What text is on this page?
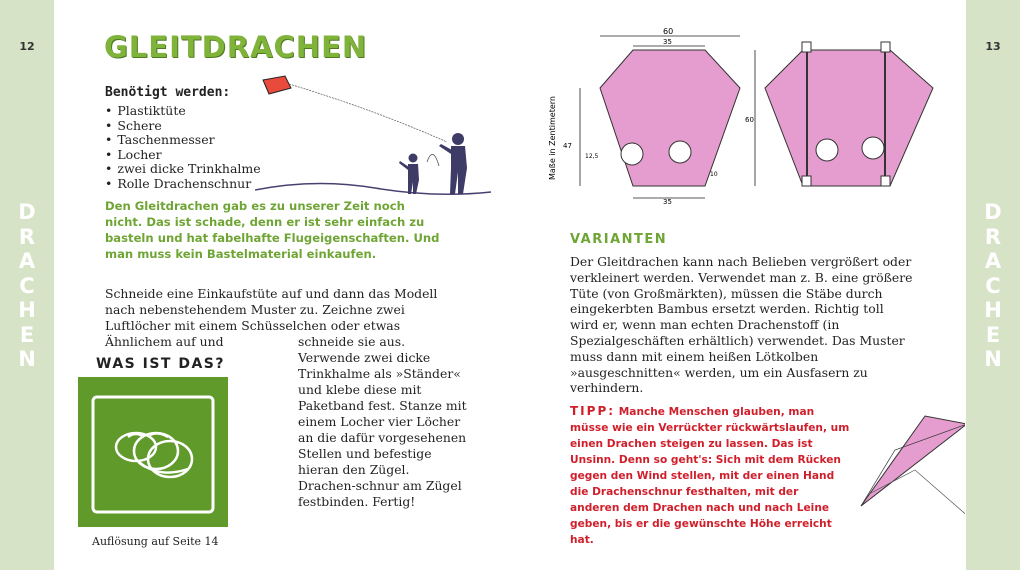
12
D
R
A
C
H
E
N
13
D
R
A
C
H
E
N
GLEITDRACHEN
Benötigt werden:
• Plastiktüte
• Schere
• Taschenmesser
• Locher
• zwei dicke Trinkhalme
• Rolle Drachenschnur

Den Gleitdrachen gab es zu unserer Zeit noch nicht. Das ist schade, denn er ist sehr einfach zu basteln und hat fabelhafte Flugeigenschaften. Und man muss kein Bastelmaterial einkaufen.

Schneide eine Einkaufstüte auf und dann das Modell nach nebenstehendem Muster zu. Zeichne zwei Luftlöcher mit einem Schüsselchen oder etwas Ähnlichem auf und	schneide sie aus. Verwende zwei dicke Trinkhalme als »Ständer« und klebe diese mit Paketband fest. Stanze mit einem Locher vier Löcher an die dafür vorgesehenen Stellen und befestige hieran den Zügel. Drachen-schnur am Zügel festbinden. Fertig!

WAS IST DAS?
Auflösung auf Seite 14
60
35
47
12,5
35
10
Maße in Zentimetern	60
VARIANTEN

Der Gleitdrachen kann nach Belieben vergrößert oder verkleinert werden. Verwendet man z. B. eine größere Tüte (von Großmärkten), müssen die Stäbe durch eingekerbten Bambus ersetzt werden. Richtig toll wird er, wenn man echten Drachenstoff (in Spezialgeschäften erhältlich) verwendet. Das Muster muss dann mit einem heißen Lötkolben »ausgeschnitten« werden, um ein Ausfasern zu verhindern.

TIPP: Manche Menschen glauben, man müsse wie ein Verrückter rückwärtslaufen, um einen Drachen steigen zu lassen. Das ist Unsinn. Denn so geht's: Sich mit dem Rücken gegen den Wind stellen, mit der einen Hand die Drachenschnur festhalten, mit der anderen dem Drachen nach und nach Leine geben, bis er die gewünschte Höhe erreicht hat.
